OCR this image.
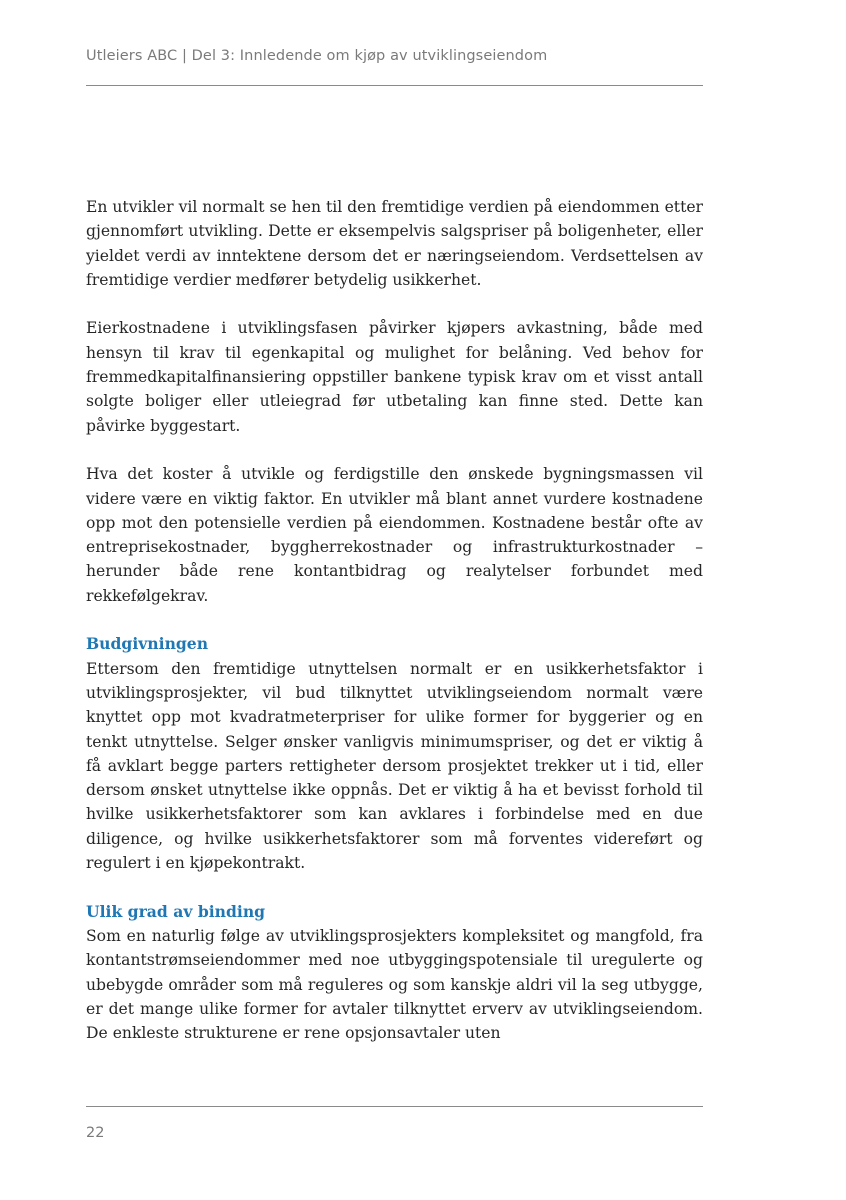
Utleiers ABC | Del 3: Innledende om kjøp av utviklingseiendom

En utvikler vil normalt se hen til den fremtidige verdien på eiendommen etter gjennomført utvikling. Dette er eksempelvis salgspriser på boligenheter, eller yieldet verdi av inntektene dersom det er næringseiendom. Verdsettelsen av fremtidige verdier medfører betydelig usikkerhet.

Eierkostnadene i utviklingsfasen påvirker kjøpers avkastning, både med hensyn til krav til egenkapital og mulighet for belåning. Ved behov for fremmedkapitalfinansiering oppstiller bankene typisk krav om et visst antall solgte boliger eller utleiegrad før utbetaling kan finne sted. Dette kan påvirke byggestart.

Hva det koster å utvikle og ferdigstille den ønskede bygningsmassen vil videre være en viktig faktor. En utvikler må blant annet vurdere kostnadene opp mot den potensielle verdien på eiendommen. Kostnadene består ofte av entreprisekostnader, byggherrekostnader og infrastrukturkostnader – herunder både rene kontantbidrag og realytelser forbundet med rekkefølgekrav.

Budgivningen

Ettersom den fremtidige utnyttelsen normalt er en usikkerhetsfaktor i utviklingsprosjekter, vil bud tilknyttet utviklingseiendom normalt være knyttet opp mot kvadratmeterpriser for ulike former for byggerier og en tenkt utnyttelse. Selger ønsker vanligvis minimumspriser, og det er viktig å få avklart begge parters rettigheter dersom prosjektet trekker ut i tid, eller dersom ønsket utnyttelse ikke oppnås. Det er viktig å ha et bevisst forhold til hvilke usikkerhetsfaktorer som kan avklares i forbindelse med en due diligence, og hvilke usikkerhetsfaktorer som må forventes videreført og regulert i en kjøpekontrakt.

Ulik grad av binding

Som en naturlig følge av utviklingsprosjekters kompleksitet og mangfold, fra kontantstrømseiendommer med noe utbyggingspotensiale til uregulerte og ubebygde områder som må reguleres og som kanskje aldri vil la seg utbygge, er det mange ulike former for avtaler tilknyttet erverv av utviklingseiendom. De enkleste strukturene er rene opsjonsavtaler uten

22
